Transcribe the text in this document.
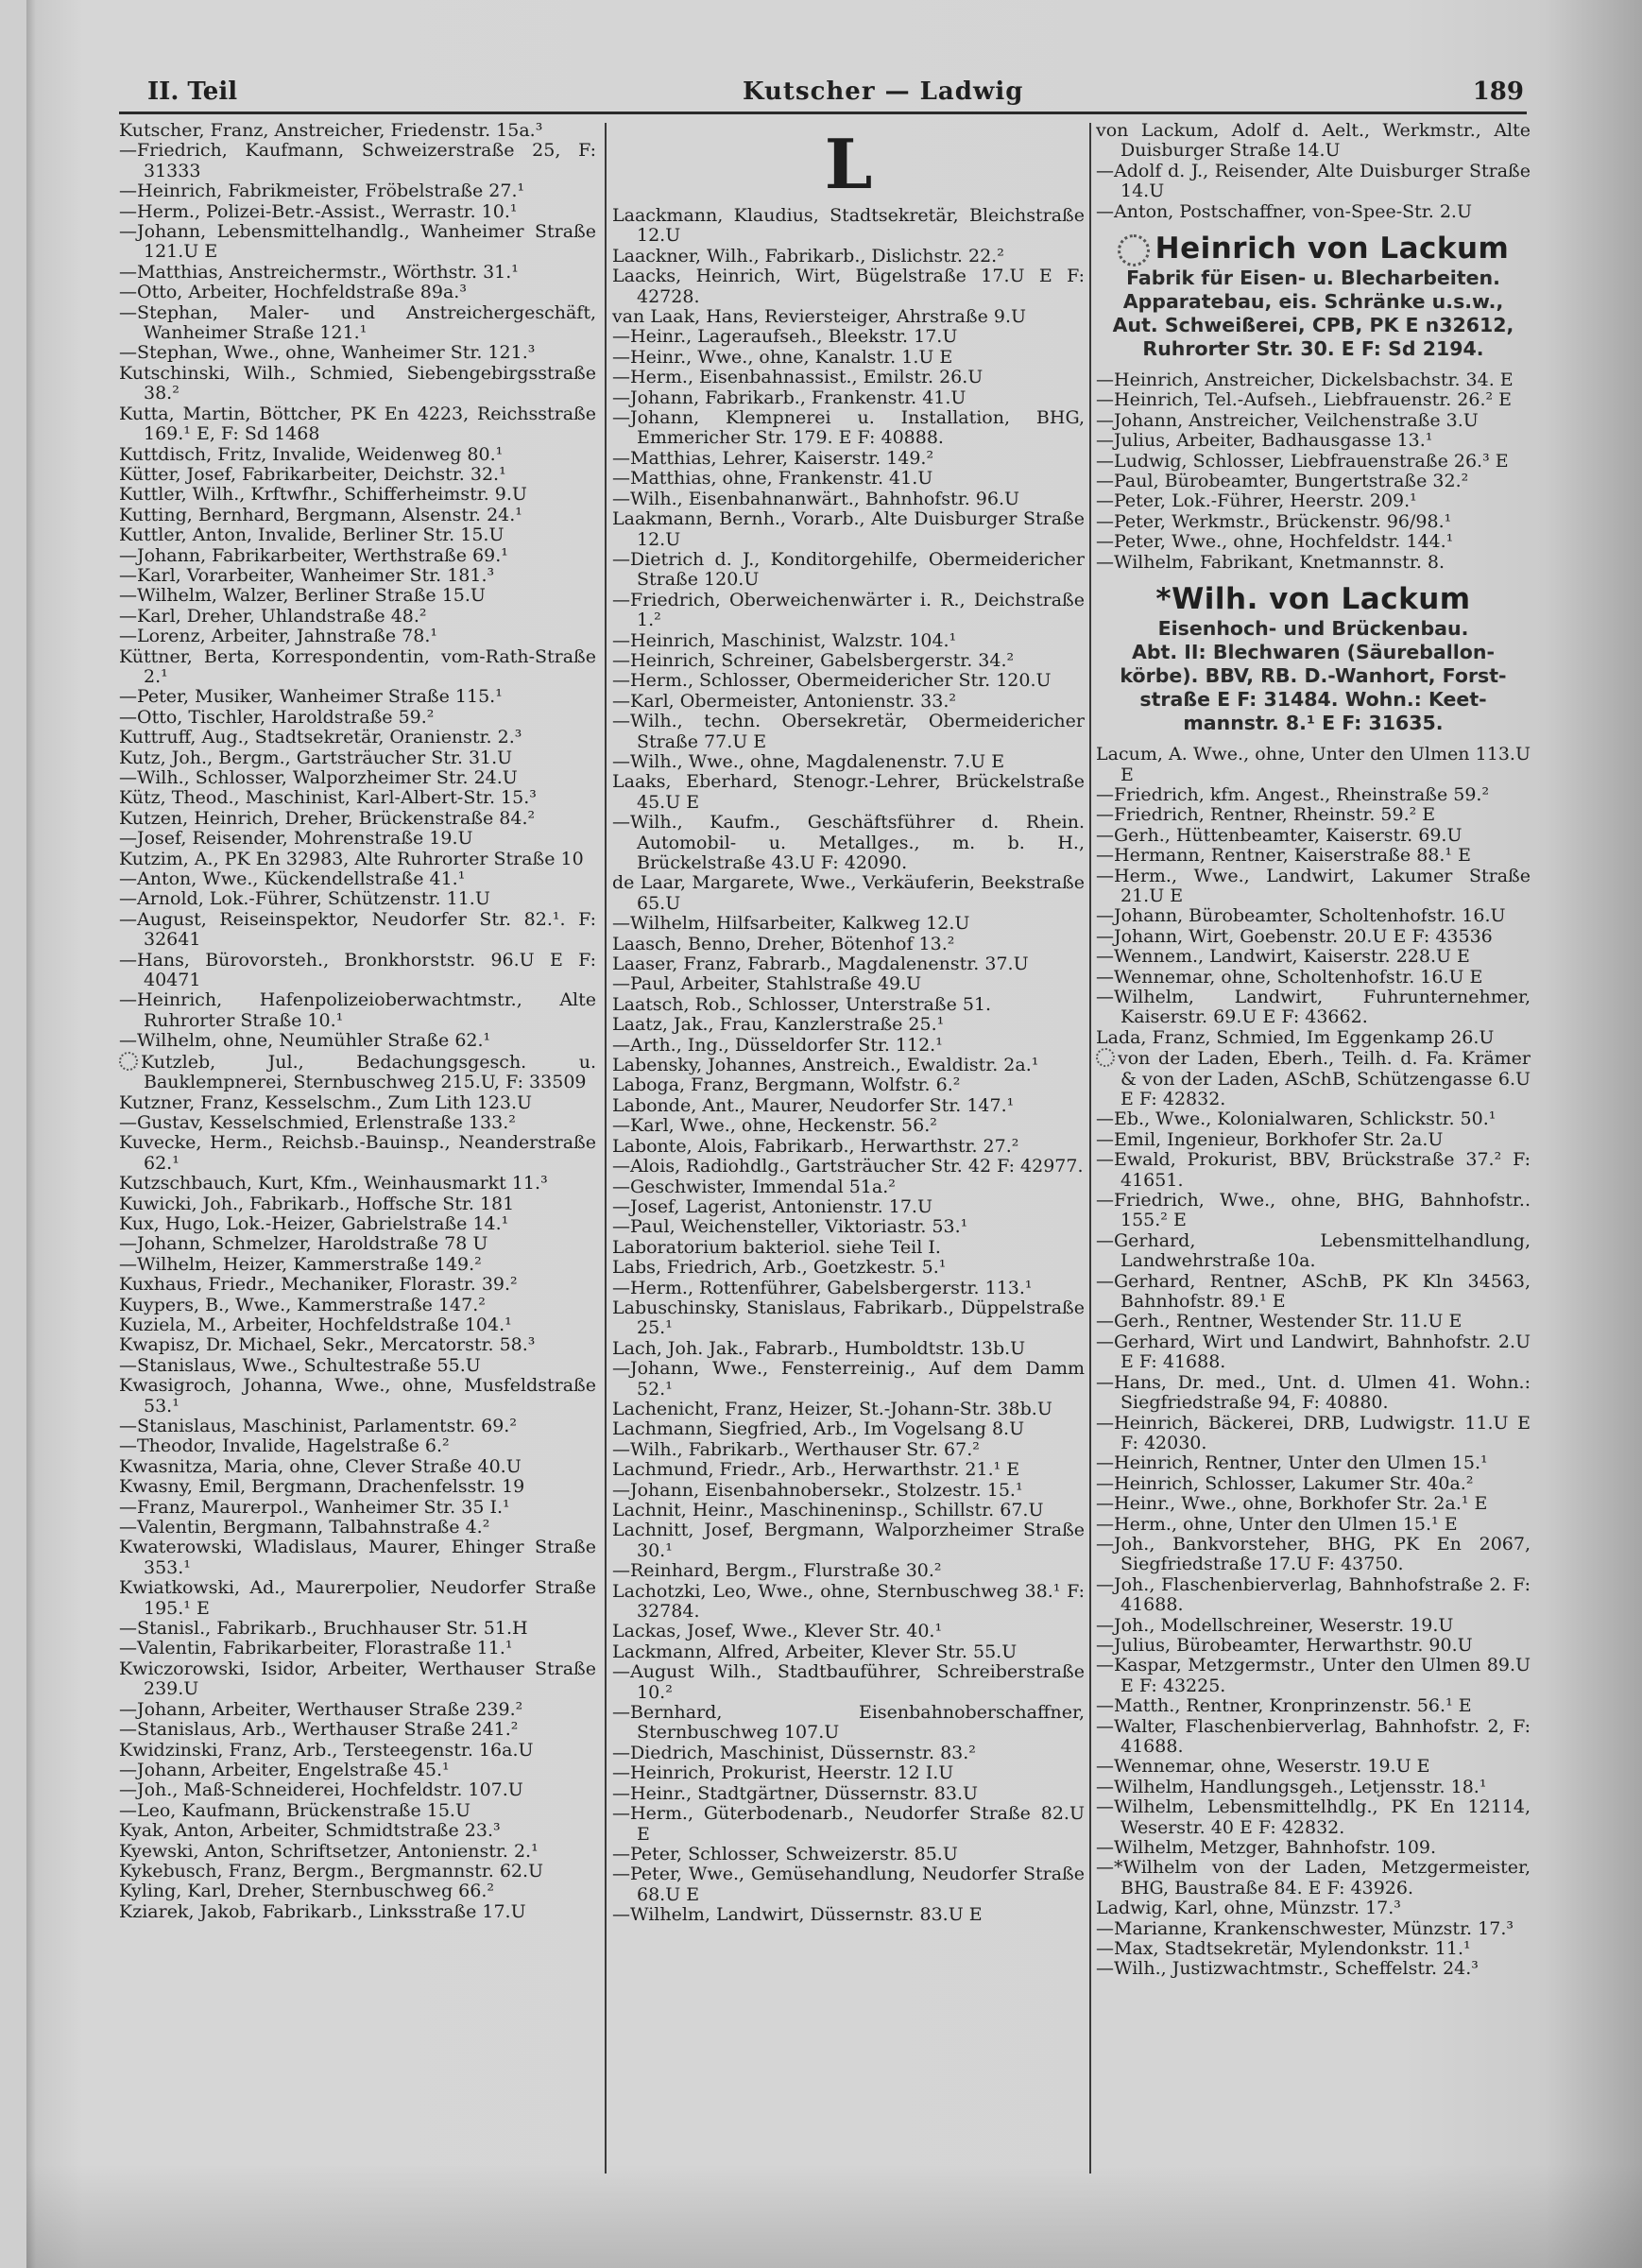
II. Teil	Kutscher — Ladwig	189

Kutscher, Franz, Anstreicher, Friedenstr. 15a.³

—Friedrich, Kaufmann, Schweizerstraße 25, F: 31333

—Heinrich, Fabrikmeister, Fröbelstraße 27.¹

—Herm., Polizei-Betr.-Assist., Werrastr. 10.¹

—Johann, Lebensmittelhandlg., Wanheimer Straße 121.U E

—Matthias, Anstreichermstr., Wörthstr. 31.¹

—Otto, Arbeiter, Hochfeldstraße 89a.³

—Stephan, Maler- und Anstreichergeschäft, Wanheimer Straße 121.¹

—Stephan, Wwe., ohne, Wanheimer Str. 121.³

Kutschinski, Wilh., Schmied, Siebengebirgsstraße 38.²

Kutta, Martin, Böttcher, PK En 4223, Reichsstraße 169.¹ E, F: Sd 1468

Kuttdisch, Fritz, Invalide, Weidenweg 80.¹

Kütter, Josef, Fabrikarbeiter, Deichstr. 32.¹

Kuttler, Wilh., Krftwfhr., Schifferheimstr. 9.U

Kutting, Bernhard, Bergmann, Alsenstr. 24.¹

Kuttler, Anton, Invalide, Berliner Str. 15.U

—Johann, Fabrikarbeiter, Werthstraße 69.¹

—Karl, Vorarbeiter, Wanheimer Str. 181.³

—Wilhelm, Walzer, Berliner Straße 15.U

—Karl, Dreher, Uhlandstraße 48.²

—Lorenz, Arbeiter, Jahnstraße 78.¹

Küttner, Berta, Korrespondentin, vom-Rath-Straße 2.¹

—Peter, Musiker, Wanheimer Straße 115.¹

—Otto, Tischler, Haroldstraße 59.²

Kuttruff, Aug., Stadtsekretär, Oranienstr. 2.³

Kutz, Joh., Bergm., Gartsträucher Str. 31.U

—Wilh., Schlosser, Walporzheimer Str. 24.U

Kütz, Theod., Maschinist, Karl-Albert-Str. 15.³

Kutzen, Heinrich, Dreher, Brückenstraße 84.²

—Josef, Reisender, Mohrenstraße 19.U

Kutzim, A., PK En 32983, Alte Ruhrorter Straße 10

—Anton, Wwe., Kückendellstraße 41.¹

—Arnold, Lok.-Führer, Schützenstr. 11.U

—August, Reiseinspektor, Neudorfer Str. 82.¹. F: 32641

—Hans, Bürovorsteh., Bronkhorststr. 96.U E F: 40471

—Heinrich, Hafenpolizeioberwachtmstr., Alte Ruhrorter Straße 10.¹

—Wilhelm, ohne, Neumühler Straße 62.¹

Kutzleb, Jul., Bedachungsgesch. u. Bauklempnerei, Sternbuschweg 215.U, F: 33509

Kutzner, Franz, Kesselschm., Zum Lith 123.U

—Gustav, Kesselschmied, Erlenstraße 133.²

Kuvecke, Herm., Reichsb.-Bauinsp., Neanderstraße 62.¹

Kutzschbauch, Kurt, Kfm., Weinhausmarkt 11.³

Kuwicki, Joh., Fabrikarb., Hoffsche Str. 181

Kux, Hugo, Lok.-Heizer, Gabrielstraße 14.¹

—Johann, Schmelzer, Haroldstraße 78 U

—Wilhelm, Heizer, Kammerstraße 149.²

Kuxhaus, Friedr., Mechaniker, Florastr. 39.²

Kuypers, B., Wwe., Kammerstraße 147.²

Kuziela, M., Arbeiter, Hochfeldstraße 104.¹

Kwapisz, Dr. Michael, Sekr., Mercatorstr. 58.³

—Stanislaus, Wwe., Schultestraße 55.U

Kwasigroch, Johanna, Wwe., ohne, Musfeldstraße 53.¹

—Stanislaus, Maschinist, Parlamentstr. 69.²

—Theodor, Invalide, Hagelstraße 6.²

Kwasnitza, Maria, ohne, Clever Straße 40.U

Kwasny, Emil, Bergmann, Drachenfelsstr. 19

—Franz, Maurerpol., Wanheimer Str. 35 I.¹

—Valentin, Bergmann, Talbahnstraße 4.²

Kwaterowski, Wladislaus, Maurer, Ehinger Straße 353.¹

Kwiatkowski, Ad., Maurerpolier, Neudorfer Straße 195.¹ E

—Stanisl., Fabrikarb., Bruchhauser Str. 51.H

—Valentin, Fabrikarbeiter, Florastraße 11.¹

Kwiczorowski, Isidor, Arbeiter, Werthauser Straße 239.U

—Johann, Arbeiter, Werthauser Straße 239.²

—Stanislaus, Arb., Werthauser Straße 241.²

Kwidzinski, Franz, Arb., Tersteegenstr. 16a.U

—Johann, Arbeiter, Engelstraße 45.¹

—Joh., Maß-Schneiderei, Hochfeldstr. 107.U

—Leo, Kaufmann, Brückenstraße 15.U

Kyak, Anton, Arbeiter, Schmidtstraße 23.³

Kyewski, Anton, Schriftsetzer, Antonienstr. 2.¹

Kykebusch, Franz, Bergm., Bergmannstr. 62.U

Kyling, Karl, Dreher, Sternbuschweg 66.²

Kziarek, Jakob, Fabrikarb., Linksstraße 17.U

L

Laackmann, Klaudius, Stadtsekretär, Bleichstraße 12.U

Laackner, Wilh., Fabrikarb., Dislichstr. 22.²

Laacks, Heinrich, Wirt, Bügelstraße 17.U E F: 42728.

van Laak, Hans, Reviersteiger, Ahrstraße 9.U

—Heinr., Lageraufseh., Bleekstr. 17.U

—Heinr., Wwe., ohne, Kanalstr. 1.U E

—Herm., Eisenbahnassist., Emilstr. 26.U

—Johann, Fabrikarb., Frankenstr. 41.U

—Johann, Klempnerei u. Installation, BHG, Emmericher Str. 179. E F: 40888.

—Matthias, Lehrer, Kaiserstr. 149.²

—Matthias, ohne, Frankenstr. 41.U

—Wilh., Eisenbahnanwärt., Bahnhofstr. 96.U

Laakmann, Bernh., Vorarb., Alte Duisburger Straße 12.U

—Dietrich d. J., Konditorgehilfe, Obermeidericher Straße 120.U

—Friedrich, Oberweichenwärter i. R., Deichstraße 1.²

—Heinrich, Maschinist, Walzstr. 104.¹

—Heinrich, Schreiner, Gabelsbergerstr. 34.²

—Herm., Schlosser, Obermeidericher Str. 120.U

—Karl, Obermeister, Antonienstr. 33.²

—Wilh., techn. Obersekretär, Obermeidericher Straße 77.U E

—Wilh., Wwe., ohne, Magdalenenstr. 7.U E

Laaks, Eberhard, Stenogr.-Lehrer, Brückelstraße 45.U E

—Wilh., Kaufm., Geschäftsführer d. Rhein. Automobil- u. Metallges., m. b. H., Brückelstraße 43.U F: 42090.

de Laar, Margarete, Wwe., Verkäuferin, Beekstraße 65.U

—Wilhelm, Hilfsarbeiter, Kalkweg 12.U

Laasch, Benno, Dreher, Bötenhof 13.²

Laaser, Franz, Fabrarb., Magdalenenstr. 37.U

—Paul, Arbeiter, Stahlstraße 49.U

Laatsch, Rob., Schlosser, Unterstraße 51.

Laatz, Jak., Frau, Kanzlerstraße 25.¹

—Arth., Ing., Düsseldorfer Str. 112.¹

Labensky, Johannes, Anstreich., Ewaldistr. 2a.¹

Laboga, Franz, Bergmann, Wolfstr. 6.²

Labonde, Ant., Maurer, Neudorfer Str. 147.¹

—Karl, Wwe., ohne, Heckenstr. 56.²

Labonte, Alois, Fabrikarb., Herwarthstr. 27.²

—Alois, Radiohdlg., Gartsträucher Str. 42 F: 42977.

—Geschwister, Immendal 51a.²

—Josef, Lagerist, Antonienstr. 17.U

—Paul, Weichensteller, Viktoriastr. 53.¹

Laboratorium bakteriol. siehe Teil I.

Labs, Friedrich, Arb., Goetzkestr. 5.¹

—Herm., Rottenführer, Gabelsbergerstr. 113.¹

Labuschinsky, Stanislaus, Fabrikarb., Düppelstraße 25.¹

Lach, Joh. Jak., Fabrarb., Humboldtstr. 13b.U

—Johann, Wwe., Fensterreinig., Auf dem Damm 52.¹

Lachenicht, Franz, Heizer, St.-Johann-Str. 38b.U

Lachmann, Siegfried, Arb., Im Vogelsang 8.U

—Wilh., Fabrikarb., Werthauser Str. 67.²

Lachmund, Friedr., Arb., Herwarthstr. 21.¹ E

—Johann, Eisenbahnobersekr., Stolzestr. 15.¹

Lachnit, Heinr., Maschineninsp., Schillstr. 67.U

Lachnitt, Josef, Bergmann, Walporzheimer Straße 30.¹

—Reinhard, Bergm., Flurstraße 30.²

Lachotzki, Leo, Wwe., ohne, Sternbuschweg 38.¹ F: 32784.

Lackas, Josef, Wwe., Klever Str. 40.¹

Lackmann, Alfred, Arbeiter, Klever Str. 55.U

—August Wilh., Stadtbauführer, Schreiberstraße 10.²

—Bernhard, Eisenbahnoberschaffner, Sternbuschweg 107.U

—Diedrich, Maschinist, Düssernstr. 83.²

—Heinrich, Prokurist, Heerstr. 12 I.U

—Heinr., Stadtgärtner, Düssernstr. 83.U

—Herm., Güterbodenarb., Neudorfer Straße 82.U E

—Peter, Schlosser, Schweizerstr. 85.U

—Peter, Wwe., Gemüsehandlung, Neudorfer Straße 68.U E

—Wilhelm, Landwirt, Düssernstr. 83.U E

von Lackum, Adolf d. Aelt., Werkmstr., Alte Duisburger Straße 14.U

—Adolf d. J., Reisender, Alte Duisburger Straße 14.U

—Anton, Postschaffner, von-Spee-Str. 2.U

Heinrich von Lackum
Fabrik für Eisen- u. Blecharbeiten.
Apparatebau, eis. Schränke u.s.w.,
Aut. Schweißerei, CPB, PK E n32612,
Ruhrorter Str. 30. E F: Sd 2194.

—Heinrich, Anstreicher, Dickelsbachstr. 34. E

—Heinrich, Tel.-Aufseh., Liebfrauenstr. 26.² E

—Johann, Anstreicher, Veilchenstraße 3.U

—Julius, Arbeiter, Badhausgasse 13.¹

—Ludwig, Schlosser, Liebfrauenstraße 26.³ E

—Paul, Bürobeamter, Bungertstraße 32.²

—Peter, Lok.-Führer, Heerstr. 209.¹

—Peter, Werkmstr., Brückenstr. 96/98.¹

—Peter, Wwe., ohne, Hochfeldstr. 144.¹

—Wilhelm, Fabrikant, Knetmannstr. 8.

*Wilh. von Lackum
Eisenhoch- und Brückenbau.
Abt. II: Blechwaren (Säureballon-
körbe). BBV, RB. D.-Wanhort, Forst-
straße E F: 31484. Wohn.: Keet-
mannstr. 8.¹ E F: 31635.

Lacum, A. Wwe., ohne, Unter den Ulmen 113.U E

—Friedrich, kfm. Angest., Rheinstraße 59.²

—Friedrich, Rentner, Rheinstr. 59.² E

—Gerh., Hüttenbeamter, Kaiserstr. 69.U

—Hermann, Rentner, Kaiserstraße 88.¹ E

—Herm., Wwe., Landwirt, Lakumer Straße 21.U E

—Johann, Bürobeamter, Scholtenhofstr. 16.U

—Johann, Wirt, Goebenstr. 20.U E F: 43536

—Wennem., Landwirt, Kaiserstr. 228.U E

—Wennemar, ohne, Scholtenhofstr. 16.U E

—Wilhelm, Landwirt, Fuhrunternehmer, Kaiserstr. 69.U E F: 43662.

Lada, Franz, Schmied, Im Eggenkamp 26.U

von der Laden, Eberh., Teilh. d. Fa. Krämer & von der Laden, ASchB, Schützengasse 6.U E F: 42832.

—Eb., Wwe., Kolonialwaren, Schlickstr. 50.¹

—Emil, Ingenieur, Borkhofer Str. 2a.U

—Ewald, Prokurist, BBV, Brückstraße 37.² F: 41651.

—Friedrich, Wwe., ohne, BHG, Bahnhofstr.. 155.² E

—Gerhard, Lebensmittelhandlung, Landwehrstraße 10a.

—Gerhard, Rentner, ASchB, PK Kln 34563, Bahnhofstr. 89.¹ E

—Gerh., Rentner, Westender Str. 11.U E

—Gerhard, Wirt und Landwirt, Bahnhofstr. 2.U E F: 41688.

—Hans, Dr. med., Unt. d. Ulmen 41. Wohn.: Siegfriedstraße 94, F: 40880.

—Heinrich, Bäckerei, DRB, Ludwigstr. 11.U E F: 42030.

—Heinrich, Rentner, Unter den Ulmen 15.¹

—Heinrich, Schlosser, Lakumer Str. 40a.²

—Heinr., Wwe., ohne, Borkhofer Str. 2a.¹ E

—Herm., ohne, Unter den Ulmen 15.¹ E

—Joh., Bankvorsteher, BHG, PK En 2067, Siegfriedstraße 17.U F: 43750.

—Joh., Flaschenbierverlag, Bahnhofstraße 2. F: 41688.

—Joh., Modellschreiner, Weserstr. 19.U

—Julius, Bürobeamter, Herwarthstr. 90.U

—Kaspar, Metzgermstr., Unter den Ulmen 89.U E F: 43225.

—Matth., Rentner, Kronprinzenstr. 56.¹ E

—Walter, Flaschenbierverlag, Bahnhofstr. 2, F: 41688.

—Wennemar, ohne, Weserstr. 19.U E

—Wilhelm, Handlungsgeh., Letjensstr. 18.¹

—Wilhelm, Lebensmittelhdlg., PK En 12114, Weserstr. 40 E F: 42832.

—Wilhelm, Metzger, Bahnhofstr. 109.

—*Wilhelm von der Laden, Metzgermeister, BHG, Baustraße 84. E F: 43926.

Ladwig, Karl, ohne, Münzstr. 17.³

—Marianne, Krankenschwester, Münzstr. 17.³

—Max, Stadtsekretär, Mylendonkstr. 11.¹

—Wilh., Justizwachtmstr., Scheffelstr. 24.³
